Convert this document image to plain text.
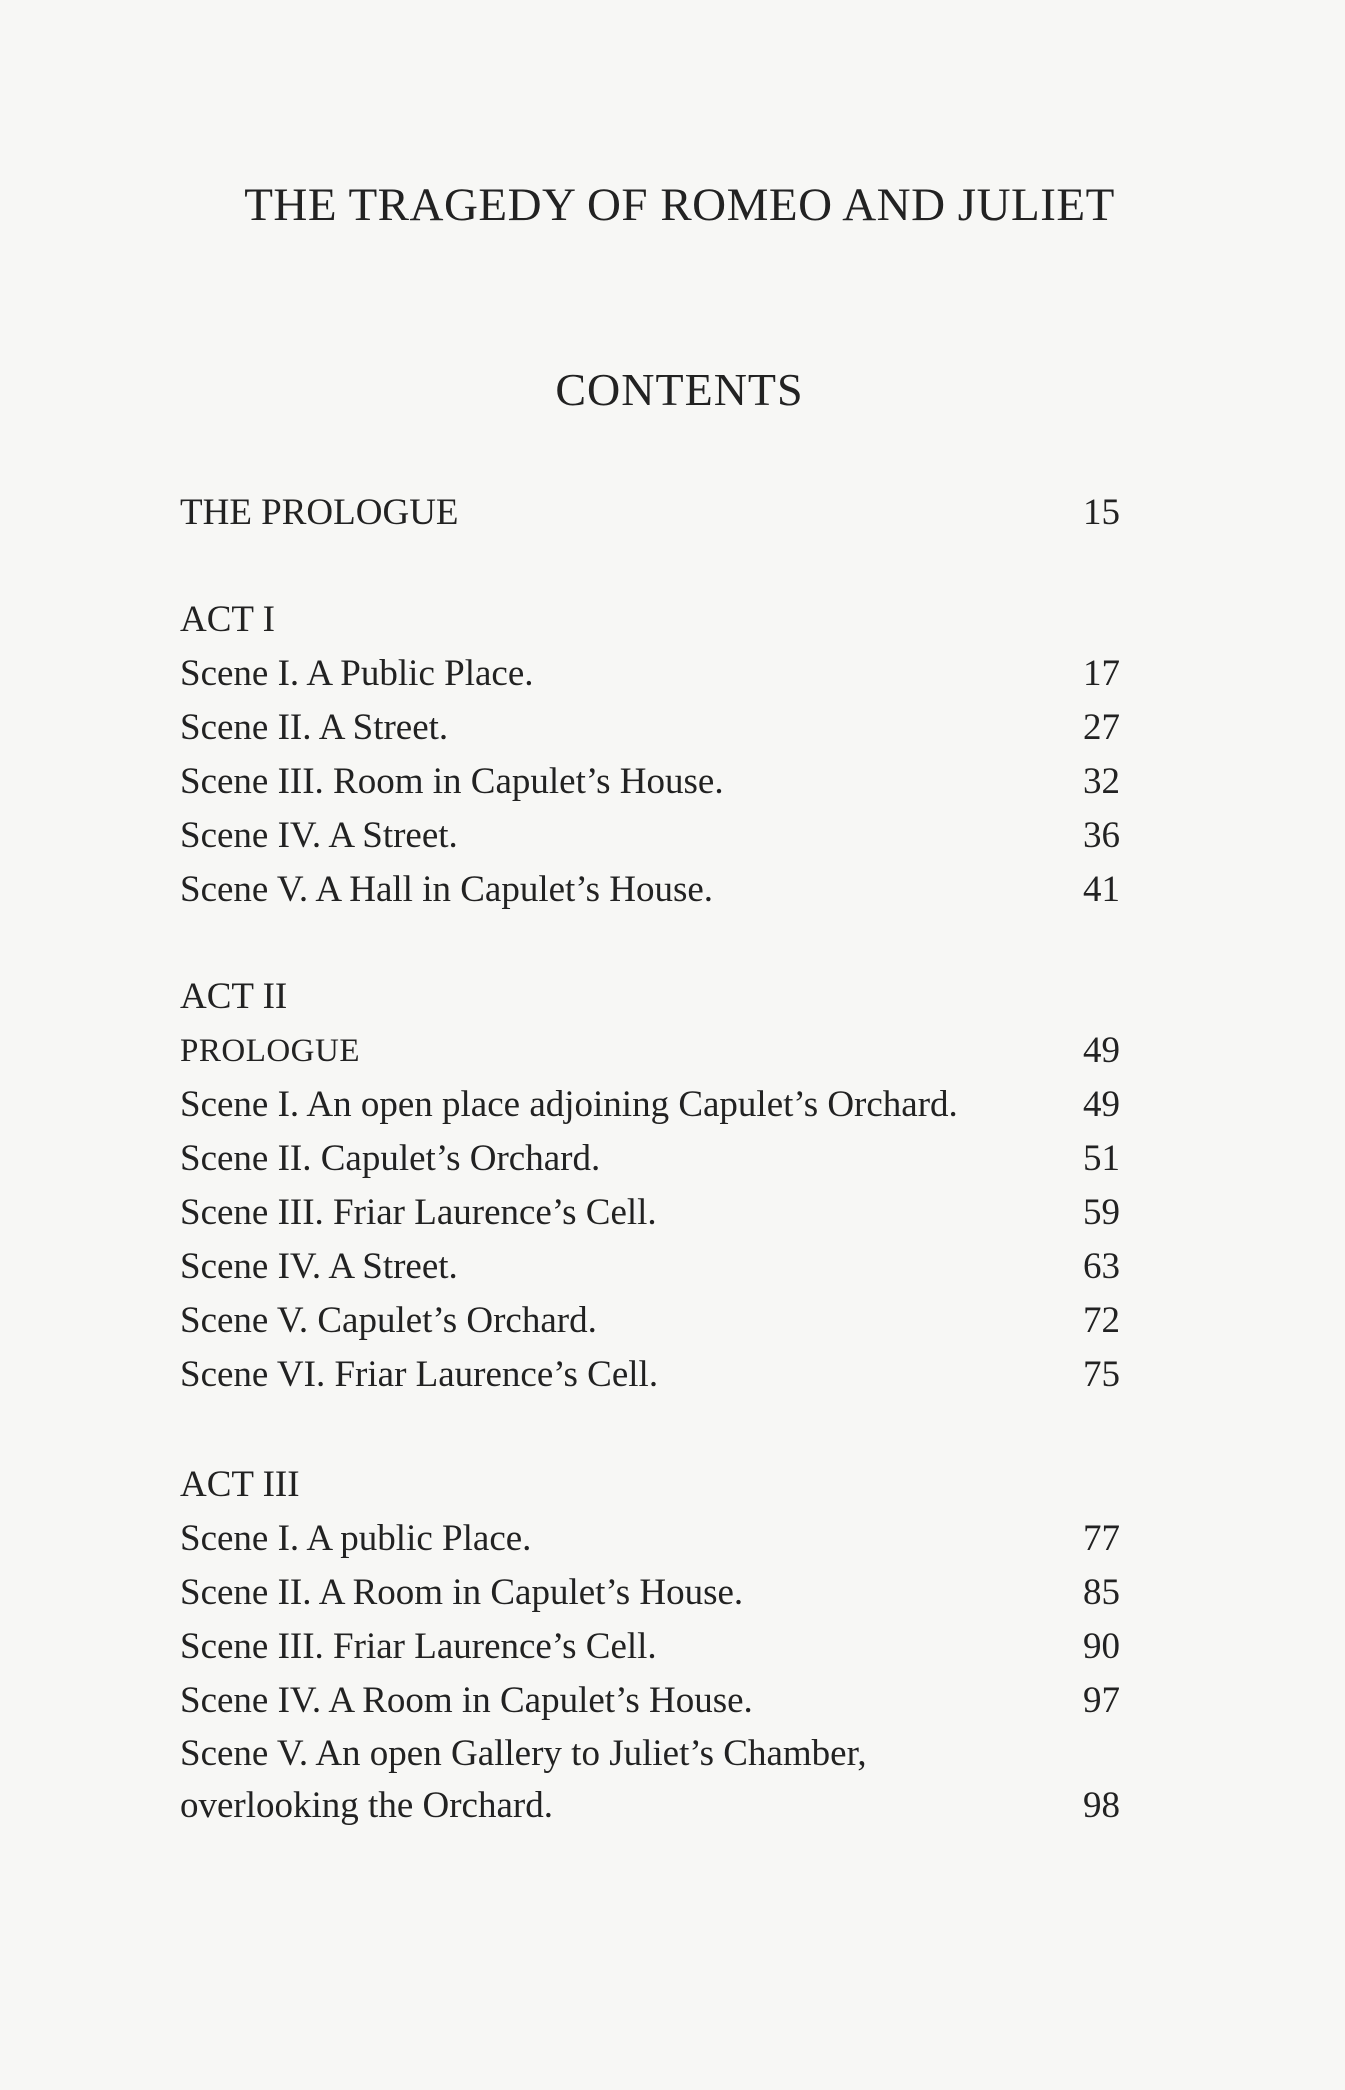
THE TRAGEDY OF ROMEO AND JULIET
CONTENTS
THE PROLOGUE	15
ACT I
Scene I. A Public Place.	17
Scene II. A Street.	27
Scene III. Room in Capulet’s House.	32
Scene IV. A Street.	36
Scene V. A Hall in Capulet’s House.	41
ACT II
PROLOGUE	49
Scene I. An open place adjoining Capulet’s Orchard.	49
Scene II. Capulet’s Orchard.	51
Scene III. Friar Laurence’s Cell.	59
Scene IV. A Street.	63
Scene V. Capulet’s Orchard.	72
Scene VI. Friar Laurence’s Cell.	75
ACT III
Scene I. A public Place.	77
Scene II. A Room in Capulet’s House.	85
Scene III. Friar Laurence’s Cell.	90
Scene IV. A Room in Capulet’s House.	97
Scene V. An open Gallery to Juliet’s Chamber,
overlooking the Orchard.	98
